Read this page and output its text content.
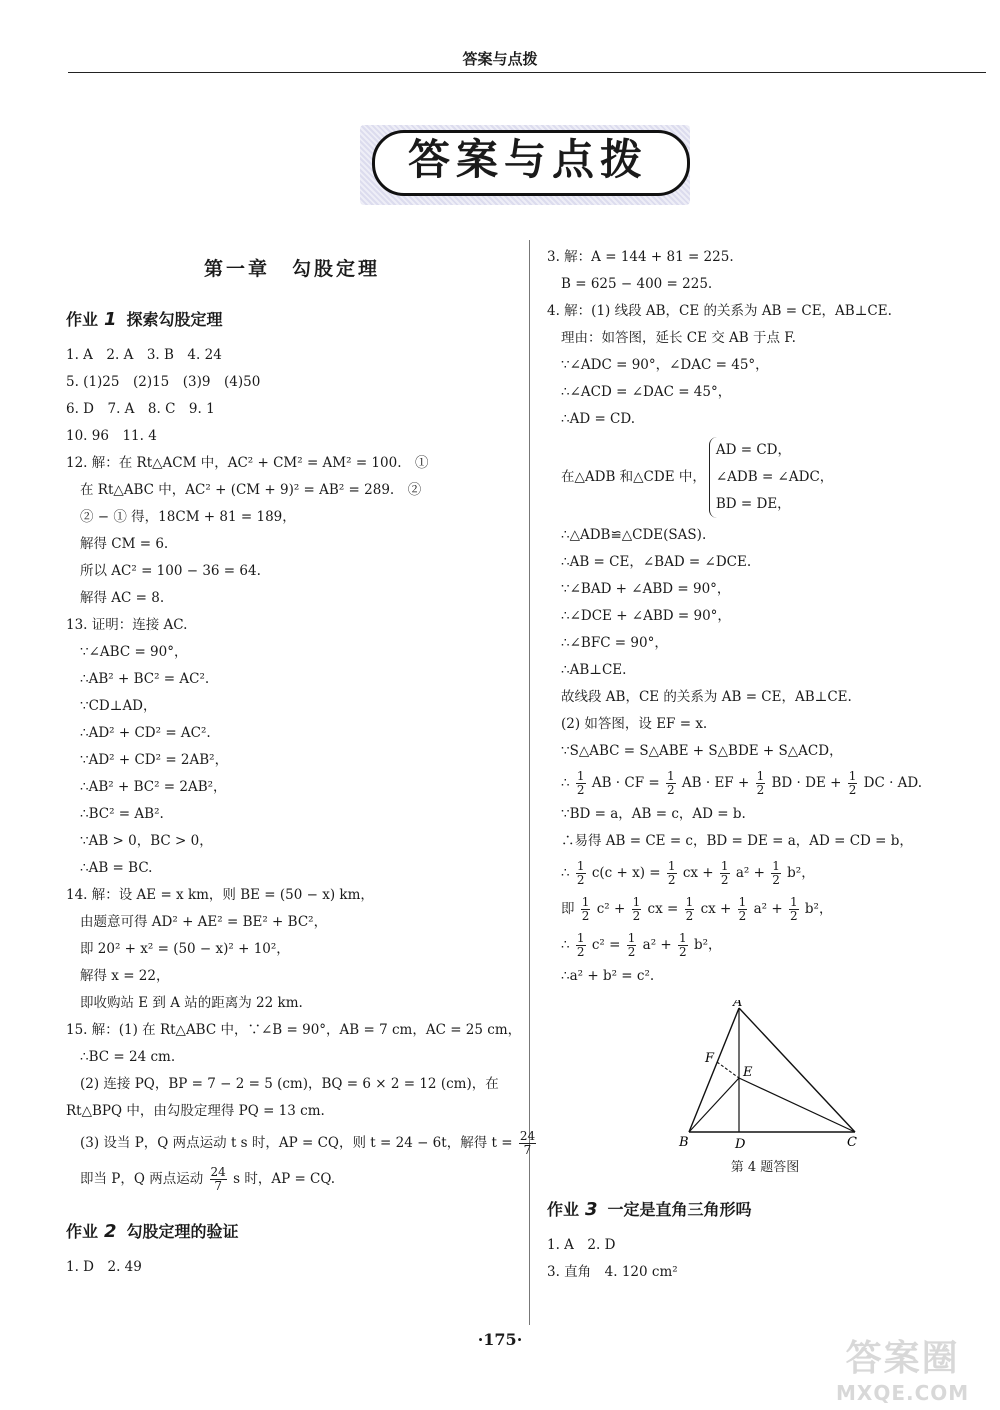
答案与点拨
答案与点拨
第一章　勾股定理
作业 1 探索勾股定理
1. A　2. A　3. B　4. 24
5. (1)25　(2)15　(3)9　(4)50
6. D　7. A　8. C　9. 1
10. 96　11. 4
12. 解：在 Rt△ACM 中，AC² + CM² = AM² = 100.　①
在 Rt△ABC 中，AC² + (CM + 9)² = AB² = 289.　②
② − ① 得，18CM + 81 = 189，
解得 CM = 6.
所以 AC² = 100 − 36 = 64.
解得 AC = 8.
13. 证明：连接 AC.
∵∠ABC = 90°，
∴AB² + BC² = AC².
∵CD⊥AD，
∴AD² + CD² = AC².
∵AD² + CD² = 2AB²，
∴AB² + BC² = 2AB²，
∴BC² = AB².
∵AB > 0，BC > 0，
∴AB = BC.
14. 解：设 AE = x km，则 BE = (50 − x) km，
由题意可得 AD² + AE² = BE² + BC²，
即 20² + x² = (50 − x)² + 10²，
解得 x = 22，
即收购站 E 到 A 站的距离为 22 km.
15. 解：(1) 在 Rt△ABC 中，∵∠B = 90°，AB = 7 cm，AC = 25 cm，
∴BC = 24 cm.
(2) 连接 PQ，BP = 7 − 2 = 5 (cm)，BQ = 6 × 2 = 12 (cm)，在
Rt△BPQ 中，由勾股定理得 PQ = 13 cm.
(3) 设当 P，Q 两点运动 t s 时，AP = CQ，则 t = 24 − 6t，解得 $t = \frac{24}{7}$
即当 P，Q 两点运动 $\frac{24}{7}$ s 时，AP = CQ.
作业 2 勾股定理的验证
1. D　2. 49
3. 解：A = 144 + 81 = 225.
B = 625 − 400 = 225.
4. 解：(1) 线段 AB，CE 的关系为 AB = CE，AB⊥CE.
理由：如答图，延长 CE 交 AB 于点 F.
∵∠ADC = 90°，∠DAC = 45°，
∴∠ACD = ∠DAC = 45°，
∴AD = CD.
在△ADB 和△CDE 中，
AD = CD，
∠ADB = ∠ADC，
BD = DE，
∴△ADB≌△CDE(SAS).
∴AB = CE，∠BAD = ∠DCE.
∵∠BAD + ∠ABD = 90°，
∴∠DCE + ∠ABD = 90°，
∴∠BFC = 90°，
∴AB⊥CE.
故线段 AB，CE 的关系为 AB = CE，AB⊥CE.
(2) 如答图，设 EF = x.
∵S△ABC = S△ABE + S△BDE + S△ACD，
∴ $\frac{1}{2}$ AB · CF = $\frac{1}{2}$ AB · EF + $\frac{1}{2}$ BD · DE + $\frac{1}{2}$ DC · AD.
∵BD = a，AB = c，AD = b.
∴易得 AB = CE = c，BD = DE = a，AD = CD = b，
∴ $\frac{1}{2} c(c + x) = \frac{1}{2}$ cx + $\frac{1}{2} a^2 + \frac{1}{2} b^2$，
即 $\frac{1}{2} c^2 + \frac{1}{2}$ cx = $\frac{1}{2}$ cx + $\frac{1}{2} a^2 + \frac{1}{2} b^2$，
∴ $\frac{1}{2} c^2 = \frac{1}{2} a^2 + \frac{1}{2} b^2$，
∴a² + b² = c².
A
B	C
D
E
F
第 4 题答图
作业 3 一定是直角三角形吗
1. A　2. D
3. 直角　4. 120 cm²
·175·	答案圈
MXQE.COM
